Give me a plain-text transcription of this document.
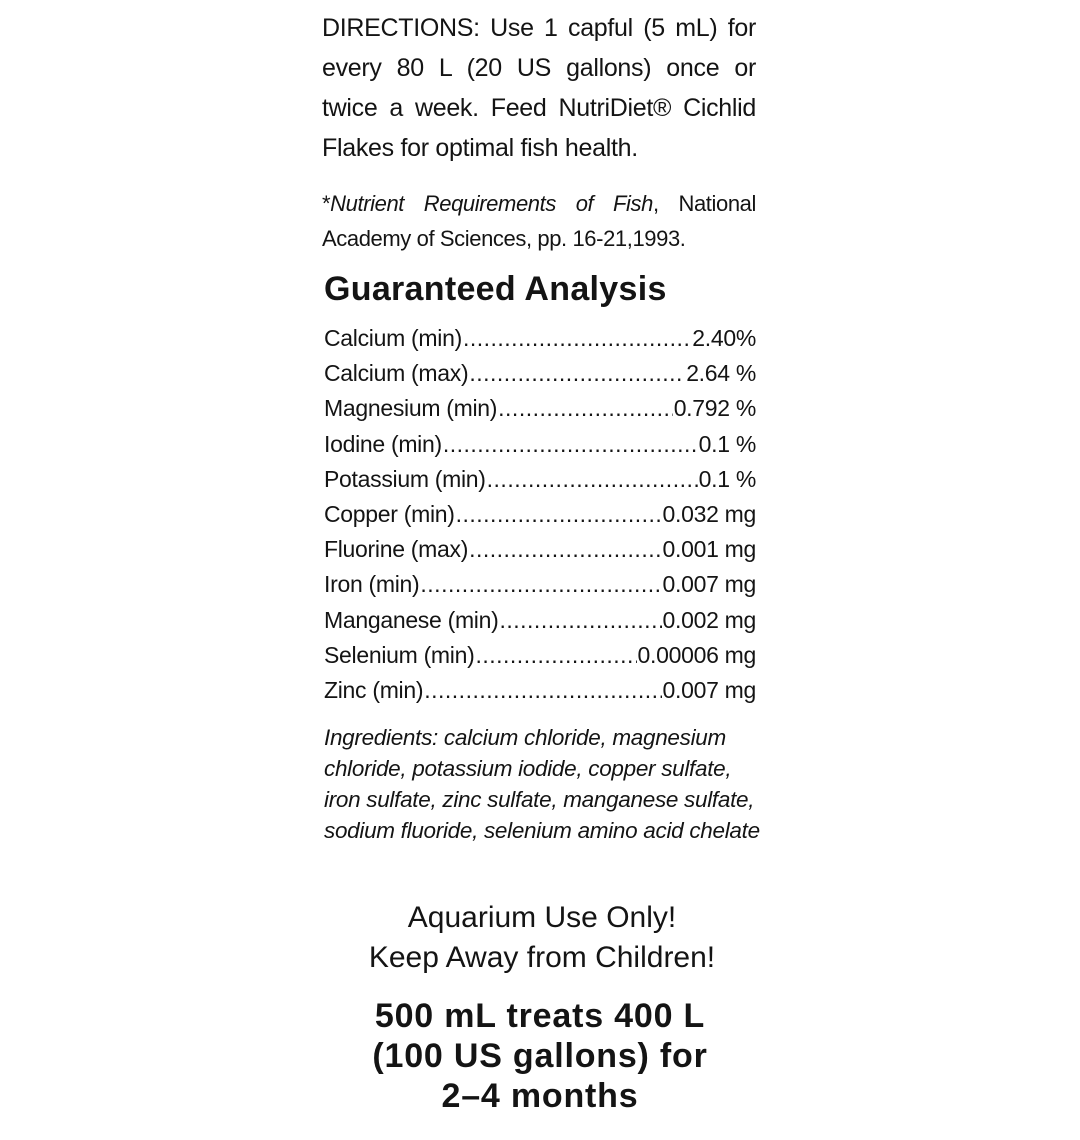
DIRECTIONS: Use 1 capful (5 mL) for every 80 L (20 US gallons) once or twice a week. Feed NutriDiet® Cichlid Flakes for optimal fish health.

*Nutrient Requirements of Fish, National Academy of Sciences, pp. 16-21,1993.

Guaranteed Analysis
Calcium (min) .....	2.40%
Calcium (max) .....	2.64 %
Magnesium (min) .....	0.792 %
Iodine (min) .....	0.1 %
Potassium (min) .....	0.1 %
Copper (min) .....	0.032 mg
Fluorine (max) .....	0.001 mg
Iron (min) .....	0.007 mg
Manganese (min) .....	0.002 mg
Selenium (min) .....	0.00006 mg
Zinc (min) .....	0.007 mg

Ingredients: calcium chloride, magnesium chloride, potassium iodide, copper sulfate, iron sulfate, zinc sulfate, manganese sulfate, sodium fluoride, selenium amino acid chelate

Aquarium Use Only!
Keep Away from Children!
500 mL treats 400 L
(100 US gallons) for
2–4 months
